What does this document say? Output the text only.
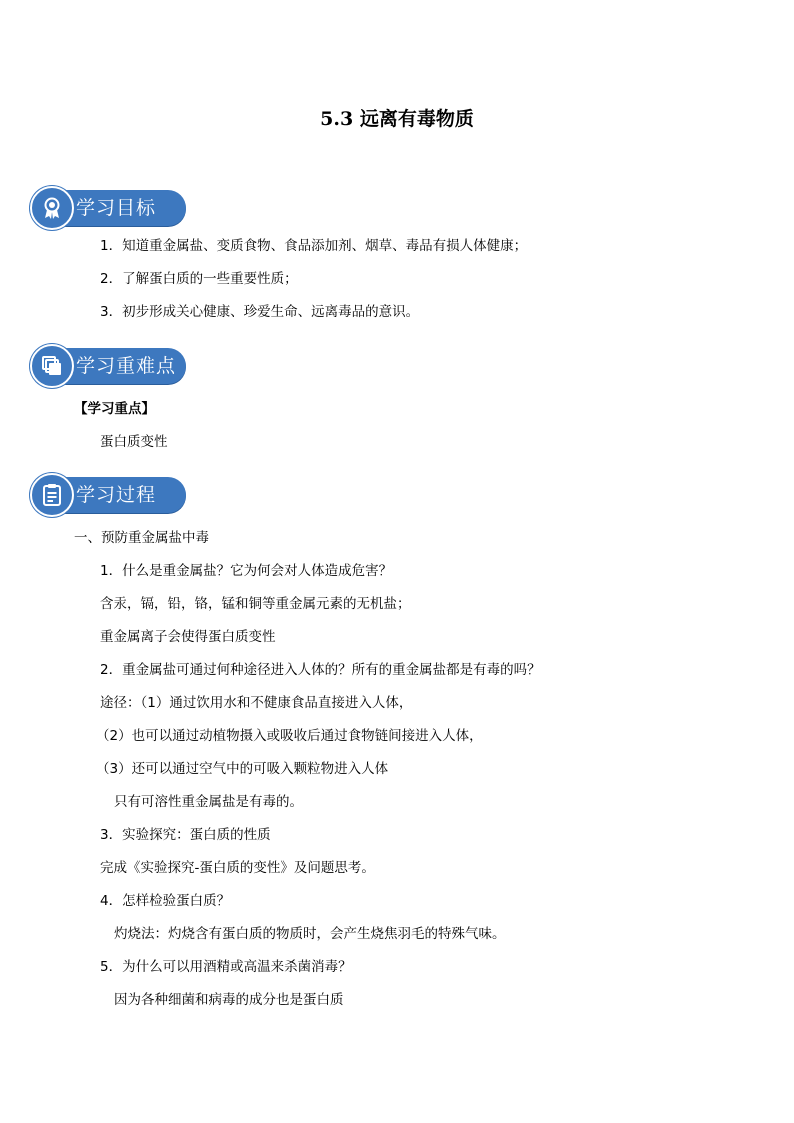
5.3 远离有毒物质
学习目标
1．知道重金属盐、变质食物、食品添加剂、烟草、毒品有损人体健康；
2．了解蛋白质的一些重要性质；
3．初步形成关心健康、珍爱生命、远离毒品的意识。
学习重难点
【学习重点】
蛋白质变性
学习过程
一、预防重金属盐中毒
1．什么是重金属盐？它为何会对人体造成危害？
含汞，镉，铅，铬，锰和铜等重金属元素的无机盐；
重金属离子会使得蛋白质变性
2．重金属盐可通过何种途径进入人体的？所有的重金属盐都是有毒的吗？
途径：（1）通过饮用水和不健康食品直接进入人体，
（2）也可以通过动植物摄入或吸收后通过食物链间接进入人体，
（3）还可以通过空气中的可吸入颗粒物进入人体
只有可溶性重金属盐是有毒的。
3．实验探究：蛋白质的性质
完成《实验探究-蛋白质的变性》及问题思考。
4．怎样检验蛋白质？
灼烧法：灼烧含有蛋白质的物质时，会产生烧焦羽毛的特殊气味。
5．为什么可以用酒精或高温来杀菌消毒？
因为各种细菌和病毒的成分也是蛋白质
